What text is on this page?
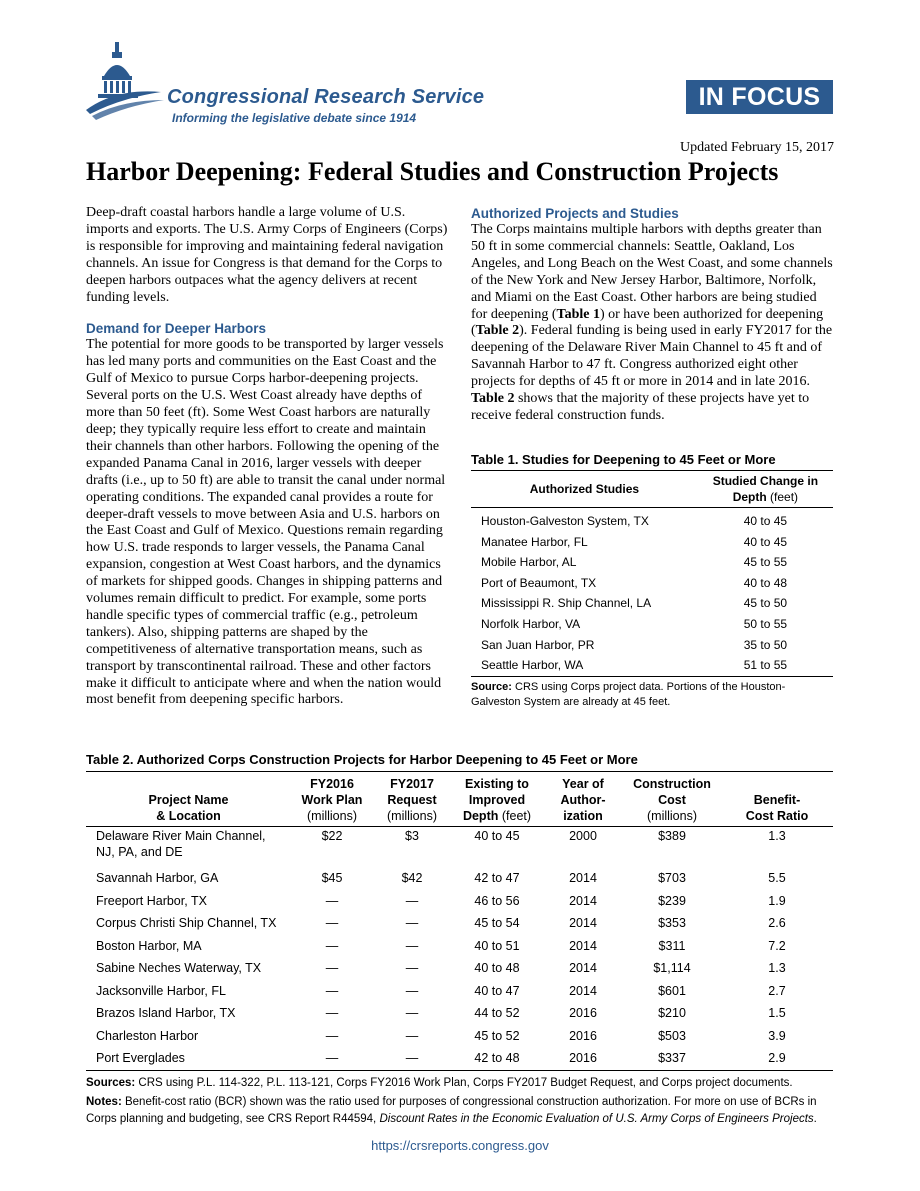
Congressional Research Service
Informing the legislative debate since 1914
IN FOCUS
Updated February 15, 2017
Harbor Deepening: Federal Studies and Construction Projects

Deep-draft coastal harbors handle a large volume of U.S. imports and exports. The U.S. Army Corps of Engineers (Corps) is responsible for improving and maintaining federal navigation channels. An issue for Congress is that demand for the Corps to deepen harbors outpaces what the agency delivers at recent funding levels.

Demand for Deeper Harbors

The potential for more goods to be transported by larger vessels has led many ports and communities on the East Coast and the Gulf of Mexico to pursue Corps harbor-deepening projects. Several ports on the U.S. West Coast already have depths of more than 50 feet (ft). Some West Coast harbors are naturally deep; they typically require less effort to create and maintain their channels than other harbors. Following the opening of the expanded Panama Canal in 2016, larger vessels with deeper drafts (i.e., up to 50 ft) are able to transit the canal under normal operating conditions. The expanded canal provides a route for deeper-draft vessels to move between Asia and U.S. harbors on the East Coast and Gulf of Mexico. Questions remain regarding how U.S. trade responds to larger vessels, the Panama Canal expansion, congestion at West Coast harbors, and the dynamics of markets for shipped goods. Changes in shipping patterns and volumes remain difficult to predict. For example, some ports handle specific types of commercial traffic (e.g., petroleum tankers). Also, shipping patterns are shaped by the competitiveness of alternative transportation means, such as transport by transcontinental railroad. These and other factors make it difficult to anticipate where and when the nation would most benefit from deepening specific harbors.

Authorized Projects and Studies

The Corps maintains multiple harbors with depths greater than 50 ft in some commercial channels: Seattle, Oakland, Los Angeles, and Long Beach on the West Coast, and some channels of the New York and New Jersey Harbor, Baltimore, Norfolk, and Miami on the East Coast. Other harbors are being studied for deepening (Table 1) or have been authorized for deepening (Table 2). Federal funding is being used in early FY2017 for the deepening of the Delaware River Main Channel to 45 ft and of Savannah Harbor to 47 ft. Congress authorized eight other projects for depths of 45 ft or more in 2014 and in late 2016. Table 2 shows that the majority of these projects have yet to receive federal construction funds.

Table 1. Studies for Deepening to 45 Feet or More
Authorized Studies	Studied Change in
Depth (feet)
Houston-Galveston System, TX	40 to 45
Manatee Harbor, FL	40 to 45
Mobile Harbor, AL	45 to 55
Port of Beaumont, TX	40 to 48
Mississippi R. Ship Channel, LA	45 to 50
Norfolk Harbor, VA	50 to 55
San Juan Harbor, PR	35 to 50
Seattle Harbor, WA	51 to 55
Source: CRS using Corps project data. Portions of the Houston-Galveston System are already at 45 feet.
Table 2. Authorized Corps Construction Projects for Harbor Deepening to 45 Feet or More

Project Name
& Location	FY2016
Work Plan
(millions)	FY2017
Request
(millions)	Existing to
Improved
Depth (feet)	Year of
Author-
ization	Construction
Cost
(millions)	Benefit-
Cost Ratio
Delaware River Main Channel,
NJ, PA, and DE	$22	$3	40 to 45	2000	$389	1.3
Savannah Harbor, GA	$45	$42	42 to 47	2014	$703	5.5
Freeport Harbor, TX	—	—	46 to 56	2014	$239	1.9
Corpus Christi Ship Channel, TX	—	—	45 to 54	2014	$353	2.6
Boston Harbor, MA	—	—	40 to 51	2014	$311	7.2
Sabine Neches Waterway, TX	—	—	40 to 48	2014	$1,114	1.3
Jacksonville Harbor, FL	—	—	40 to 47	2014	$601	2.7
Brazos Island Harbor, TX	—	—	44 to 52	2016	$210	1.5
Charleston Harbor	—	—	45 to 52	2016	$503	3.9
Port Everglades	—	—	42 to 48	2016	$337	2.9
Sources: CRS using P.L. 114-322, P.L. 113-121, Corps FY2016 Work Plan, Corps FY2017 Budget Request, and Corps project documents.
Notes: Benefit-cost ratio (BCR) shown was the ratio used for purposes of congressional construction authorization. For more on use of BCRs in Corps planning and budgeting, see CRS Report R44594, Discount Rates in the Economic Evaluation of U.S. Army Corps of Engineers Projects.
https://crsreports.congress.gov
